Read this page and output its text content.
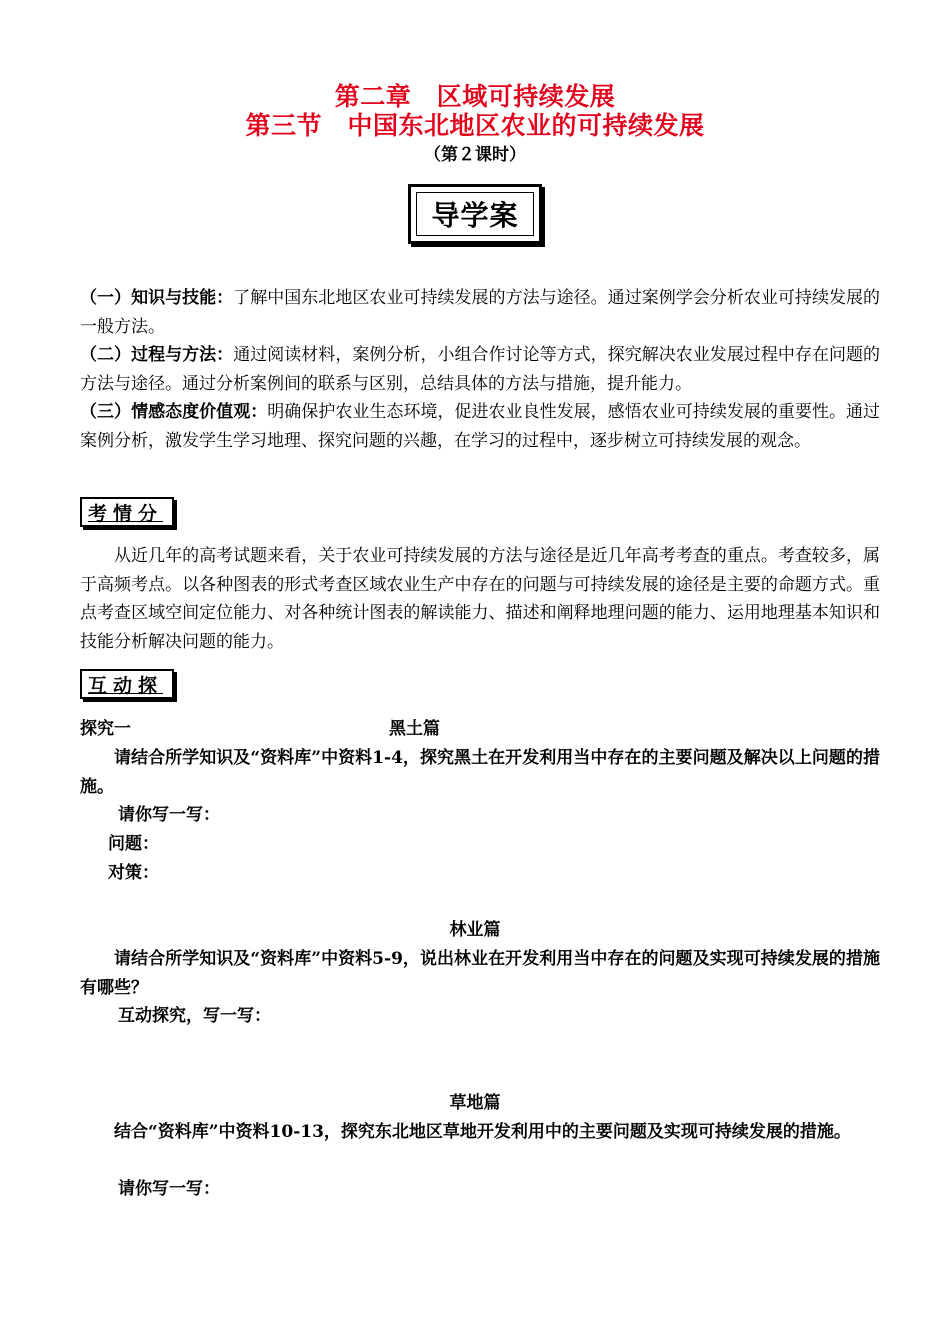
第二章　区域可持续发展
第三节　中国东北地区农业的可持续发展
（第２课时）
导学案
（一）知识与技能：了解中国东北地区农业可持续发展的方法与途径。通过案例学会分析农业可持续发展的一般方法。
（二）过程与方法：通过阅读材料，案例分析，小组合作讨论等方式，探究解决农业发展过程中存在问题的方法与途径。通过分析案例间的联系与区别，总结具体的方法与措施，提升能力。
（三）情感态度价值观：明确保护农业生态环境，促进农业良性发展，感悟农业可持续发展的重要性。通过案例分析，激发学生学习地理、探究问题的兴趣，在学习的过程中，逐步树立可持续发展的观念。
考情分
从近几年的高考试题来看，关于农业可持续发展的方法与途径是近几年高考考查的重点。考查较多，属于高频考点。以各种图表的形式考查区域农业生产中存在的问题与可持续发展的途径是主要的命题方式。重点考查区域空间定位能力、对各种统计图表的解读能力、描述和阐释地理问题的能力、运用地理基本知识和技能分析解决问题的能力。
互动探
探究一	黑土篇
请结合所学知识及“资料库”中资料1-4，探究黑土在开发利用当中存在的主要问题及解决以上问题的措施。
请你写一写：
问题：
对策：
林业篇
请结合所学知识及“资料库”中资料5-9，说出林业在开发利用当中存在的问题及实现可持续发展的措施有哪些？
互动探究，写一写：
草地篇
结合“资料库”中资料10-13，探究东北地区草地开发利用中的主要问题及实现可持续发展的措施。
请你写一写：
